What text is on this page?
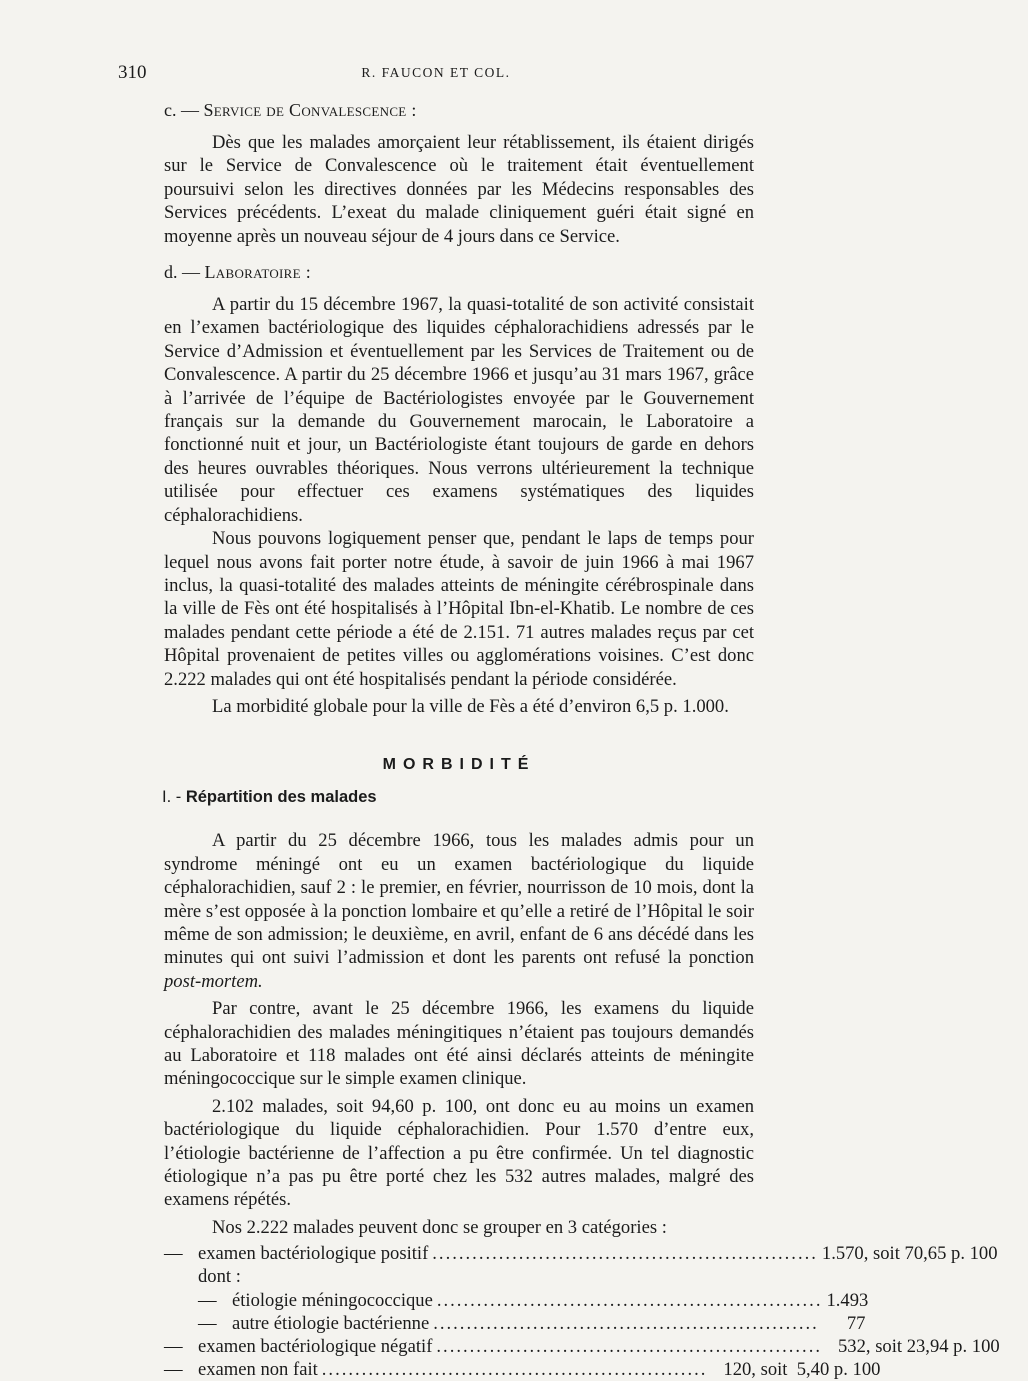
310	R. FAUCON ET COL.
c. — Service de Convalescence :

Dès que les malades amorçaient leur rétablissement, ils étaient dirigés sur le Service de Convalescence où le traitement était éventuellement poursuivi selon les directives données par les Médecins responsables des Services précédents. L’exeat du malade cliniquement guéri était signé en moyenne après un nouveau séjour de 4 jours dans ce Service.

d. — Laboratoire :

A partir du 15 décembre 1967, la quasi-totalité de son activité consistait en l’examen bactériologique des liquides céphalorachidiens adressés par le Service d’Admission et éventuellement par les Services de Traitement ou de Convalescence. A partir du 25 décembre 1966 et jusqu’au 31 mars 1967, grâce à l’arrivée de l’équipe de Bactériologistes envoyée par le Gouvernement français sur la demande du Gouvernement marocain, le Laboratoire a fonctionné nuit et jour, un Bactériologiste étant toujours de garde en dehors des heures ouvrables théoriques. Nous verrons ultérieurement la technique utilisée pour effectuer ces examens systématiques des liquides céphalorachidiens.

Nous pouvons logiquement penser que, pendant le laps de temps pour lequel nous avons fait porter notre étude, à savoir de juin 1966 à mai 1967 inclus, la quasi-totalité des malades atteints de méningite cérébrospinale dans la ville de Fès ont été hospitalisés à l’Hôpital Ibn-el-Khatib. Le nombre de ces malades pendant cette période a été de 2.151. 71 autres malades reçus par cet Hôpital provenaient de petites villes ou agglomérations voisines. C’est donc 2.222 malades qui ont été hospitalisés pendant la période considérée.

La morbidité globale pour la ville de Fès a été d’environ 6,5 p. 1.000.

MORBIDITÉ
I. - Répartition des malades

A partir du 25 décembre 1966, tous les malades admis pour un syndrome méningé ont eu un examen bactériologique du liquide céphalorachidien, sauf 2 : le premier, en février, nourrisson de 10 mois, dont la mère s’est opposée à la ponction lombaire et qu’elle a retiré de l’Hôpital le soir même de son admission; le deuxième, en avril, enfant de 6 ans décédé dans les minutes qui ont suivi l’admission et dont les parents ont refusé la ponction post-mortem.

Par contre, avant le 25 décembre 1966, les examens du liquide céphalorachidien des malades méningitiques n’étaient pas toujours demandés au Laboratoire et 118 malades ont été ainsi déclarés atteints de méningite méningococcique sur le simple examen clinique.

2.102 malades, soit 94,60 p. 100, ont donc eu au moins un examen bactériologique du liquide céphalorachidien. Pour 1.570 d’entre eux, l’étiologie bactérienne de l’affection a pu être confirmée. Un tel diagnostic étiologique n’a pas pu être porté chez les 532 autres malades, malgré des examens répétés.

Nos 2.222 malades peuvent donc se grouper en 3 catégories :

— examen bactériologique positif .......................................................... 1.570, soit 70,65 p. 100
dont :
— étiologie méningococcique .......................................................... 1.493
— autre étiologie bactérienne ..........................................................	77
— examen bactériologique négatif .......................................................... 532, soit 23,94 p. 100
— examen non fait .......................................................... 120, soit  5,40 p. 100
